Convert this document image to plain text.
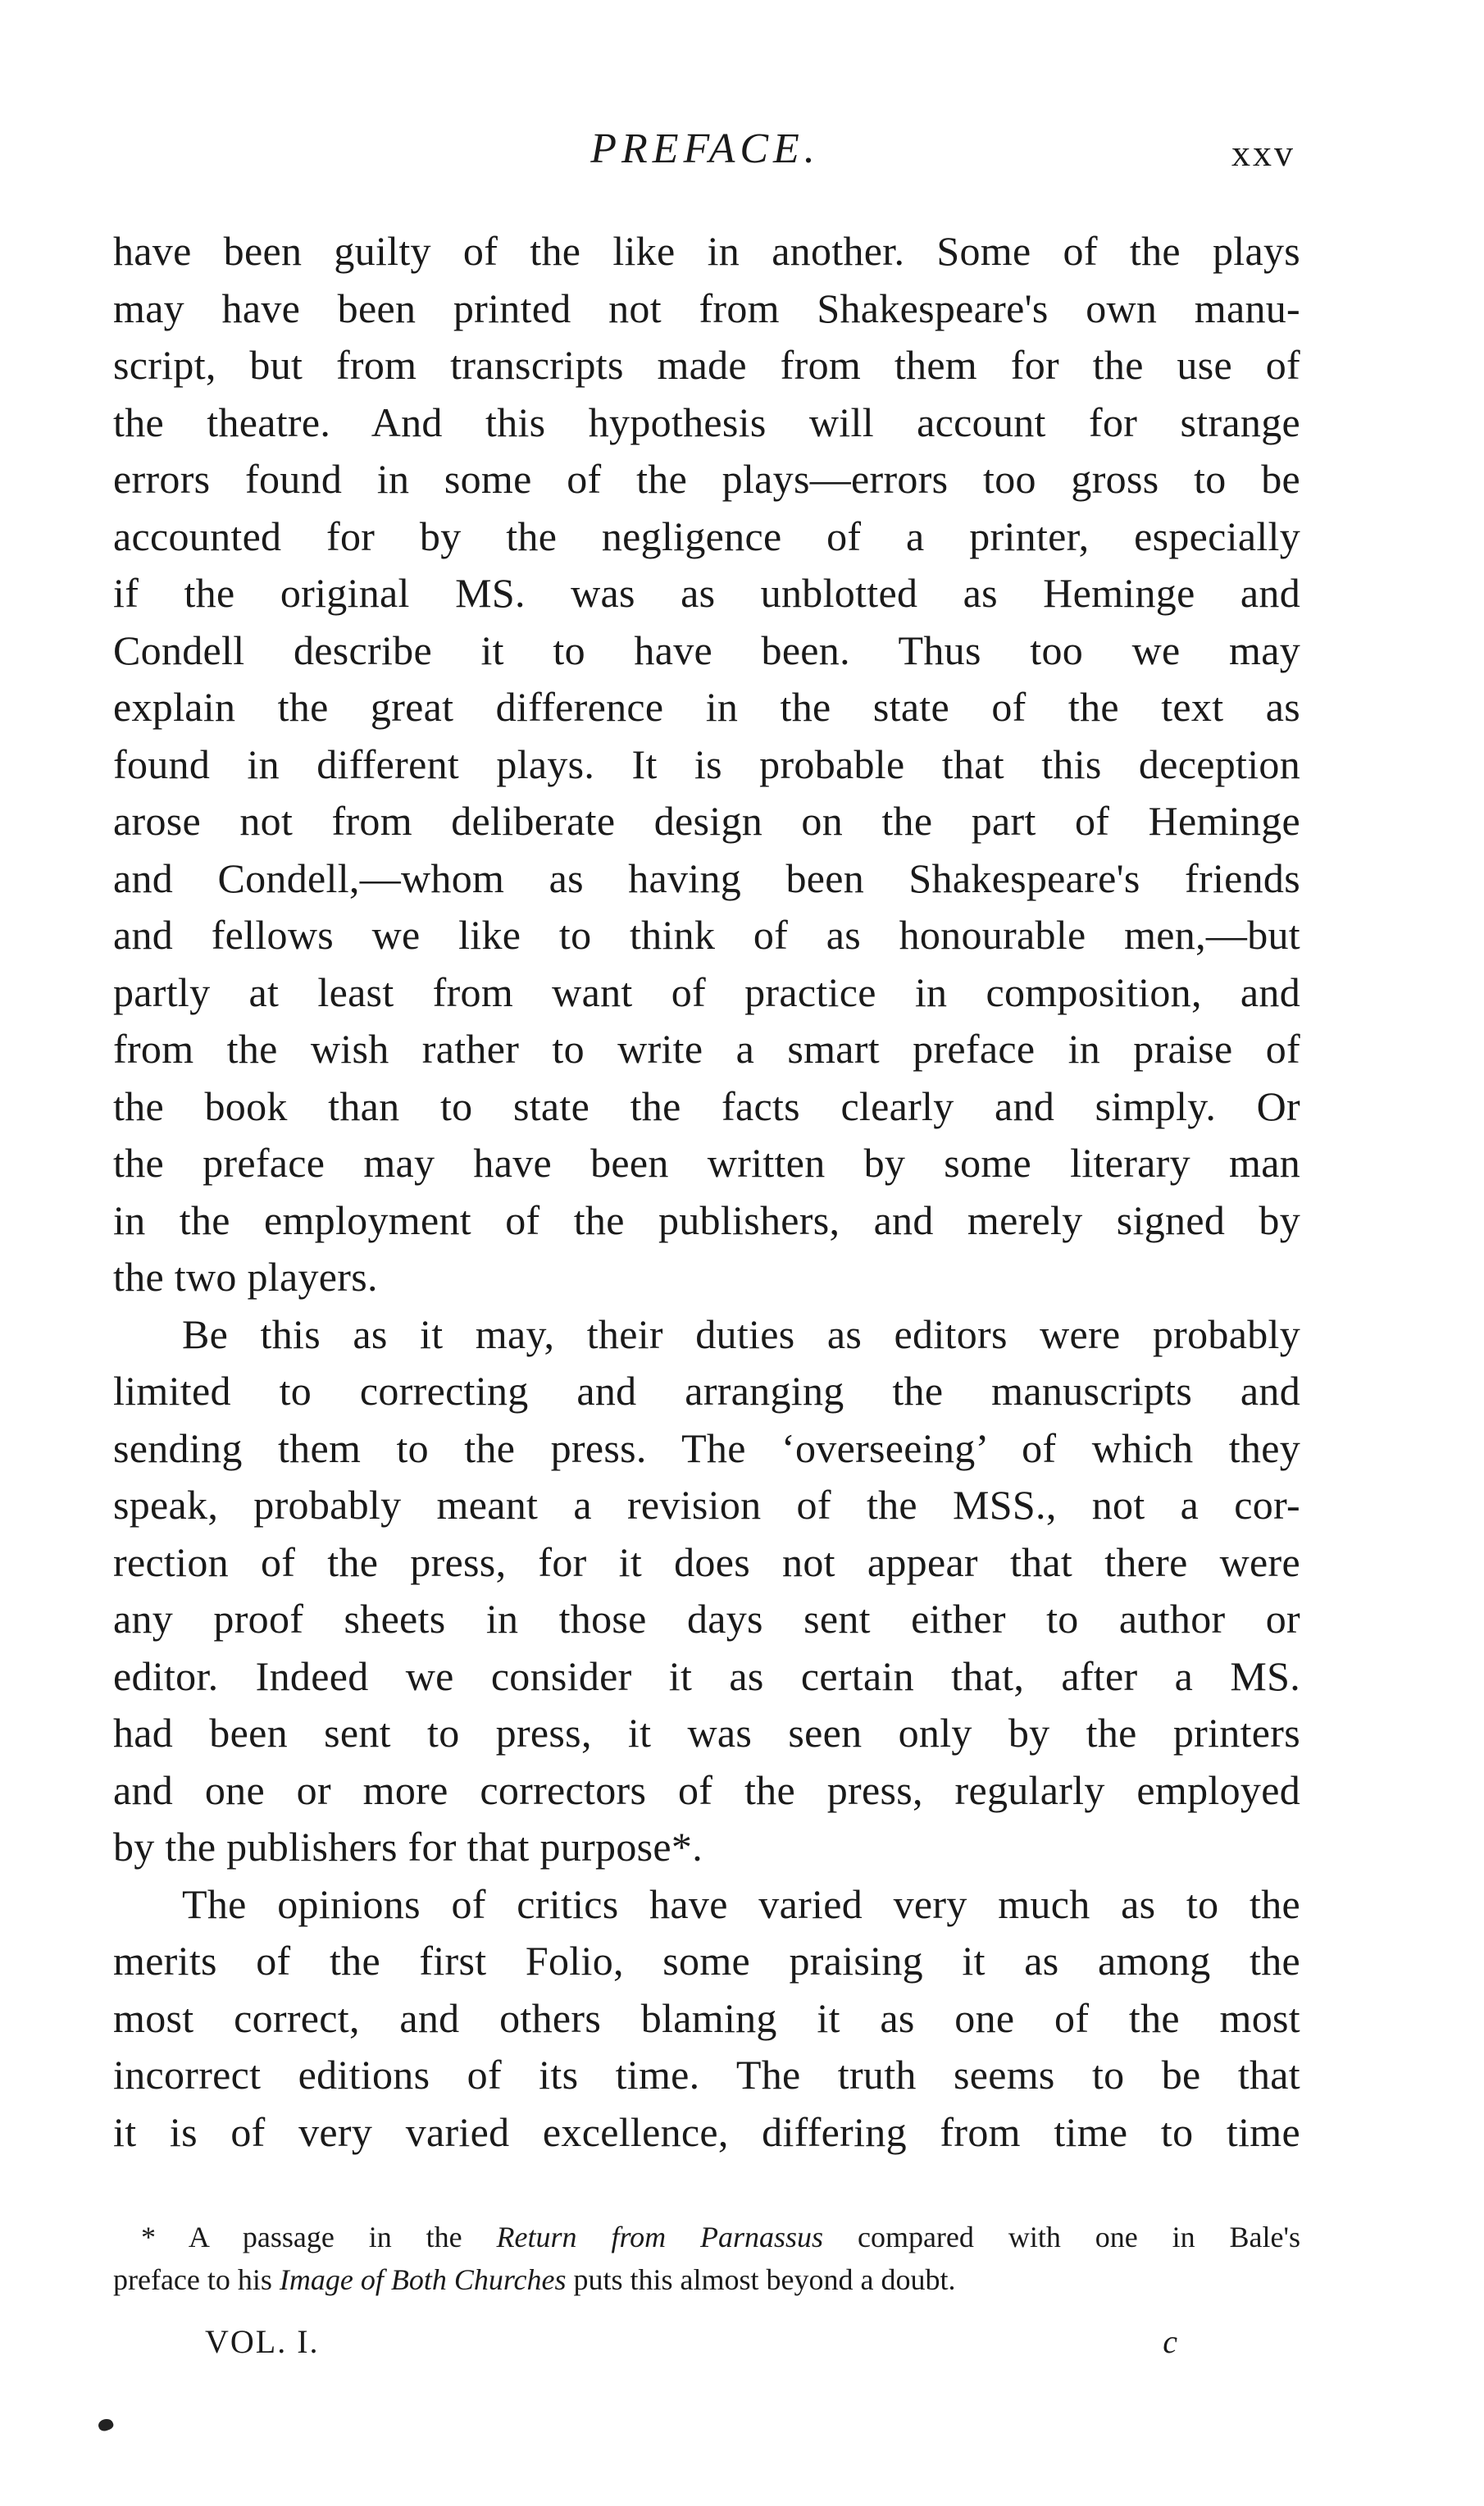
PREFACE.	xxv
have been guilty of the like in another. Some of the plays
may have been printed not from Shakespeare's own manu-
script, but from transcripts made from them for the use of
the theatre. And this hypothesis will account for strange
errors found in some of the plays—errors too gross to be
accounted for by the negligence of a printer, especially
if the original MS. was as unblotted as Heminge and
Condell describe it to have been. Thus too we may
explain the great difference in the state of the text as
found in different plays. It is probable that this deception
arose not from deliberate design on the part of Heminge
and Condell,—whom as having been Shakespeare's friends
and fellows we like to think of as honourable men,—but
partly at least from want of practice in composition, and
from the wish rather to write a smart preface in praise of
the book than to state the facts clearly and simply. Or
the preface may have been written by some literary man
in the employment of the publishers, and merely signed by
the two players.
Be this as it may, their duties as editors were probably
limited to correcting and arranging the manuscripts and
sending them to the press. The ‘overseeing’ of which they
speak, probably meant a revision of the MSS., not a cor-
rection of the press, for it does not appear that there were
any proof sheets in those days sent either to author or
editor. Indeed we consider it as certain that, after a MS.
had been sent to press, it was seen only by the printers
and one or more correctors of the press, regularly employed
by the publishers for that purpose*.
The opinions of critics have varied very much as to the
merits of the first Folio, some praising it as among the
most correct, and others blaming it as one of the most
incorrect editions of its time. The truth seems to be that
it is of very varied excellence, differing from time to time
* A passage in the Return from Parnassus compared with one in Bale's
preface to his Image of Both Churches puts this almost beyond a doubt.
VOL. I.	c
